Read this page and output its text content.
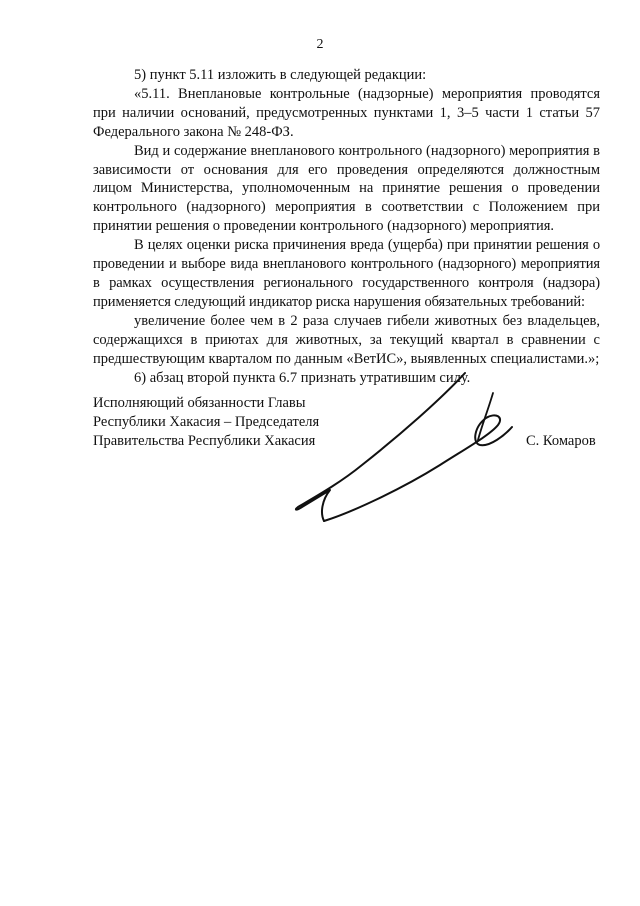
2

5) пункт 5.11 изложить в следующей редакции:

«5.11. Внеплановые контрольные (надзорные) мероприятия проводятся при наличии оснований, предусмотренных пунктами 1, 3–5 части 1 статьи 57 Федерального закона № 248-ФЗ.

Вид и содержание внепланового контрольного (надзорного) мероприятия в зависимости от основания для его проведения определяются должностным лицом Министерства, уполномоченным на принятие решения о проведении контрольного (надзорного) мероприятия в соответствии с Положением при принятии решения о проведении контрольного (надзорного) мероприятия.

В целях оценки риска причинения вреда (ущерба) при принятии решения о проведении и выборе вида внепланового контрольного (надзорного) мероприятия в рамках осуществления регионального государственного контроля (надзора) применяется следующий индикатор риска нарушения обязательных требований:

увеличение более чем в 2 раза случаев гибели животных без владельцев, содержащихся в приютах для животных, за текущий квартал в сравнении с предшествующим кварталом по данным «ВетИС», выявленных специалистами.»;

6) абзац второй пункта 6.7 признать утратившим силу.

Исполняющий обязанности Главы
Республики Хакасия – Председателя
Правительства Республики Хакасия	С. Комаров
